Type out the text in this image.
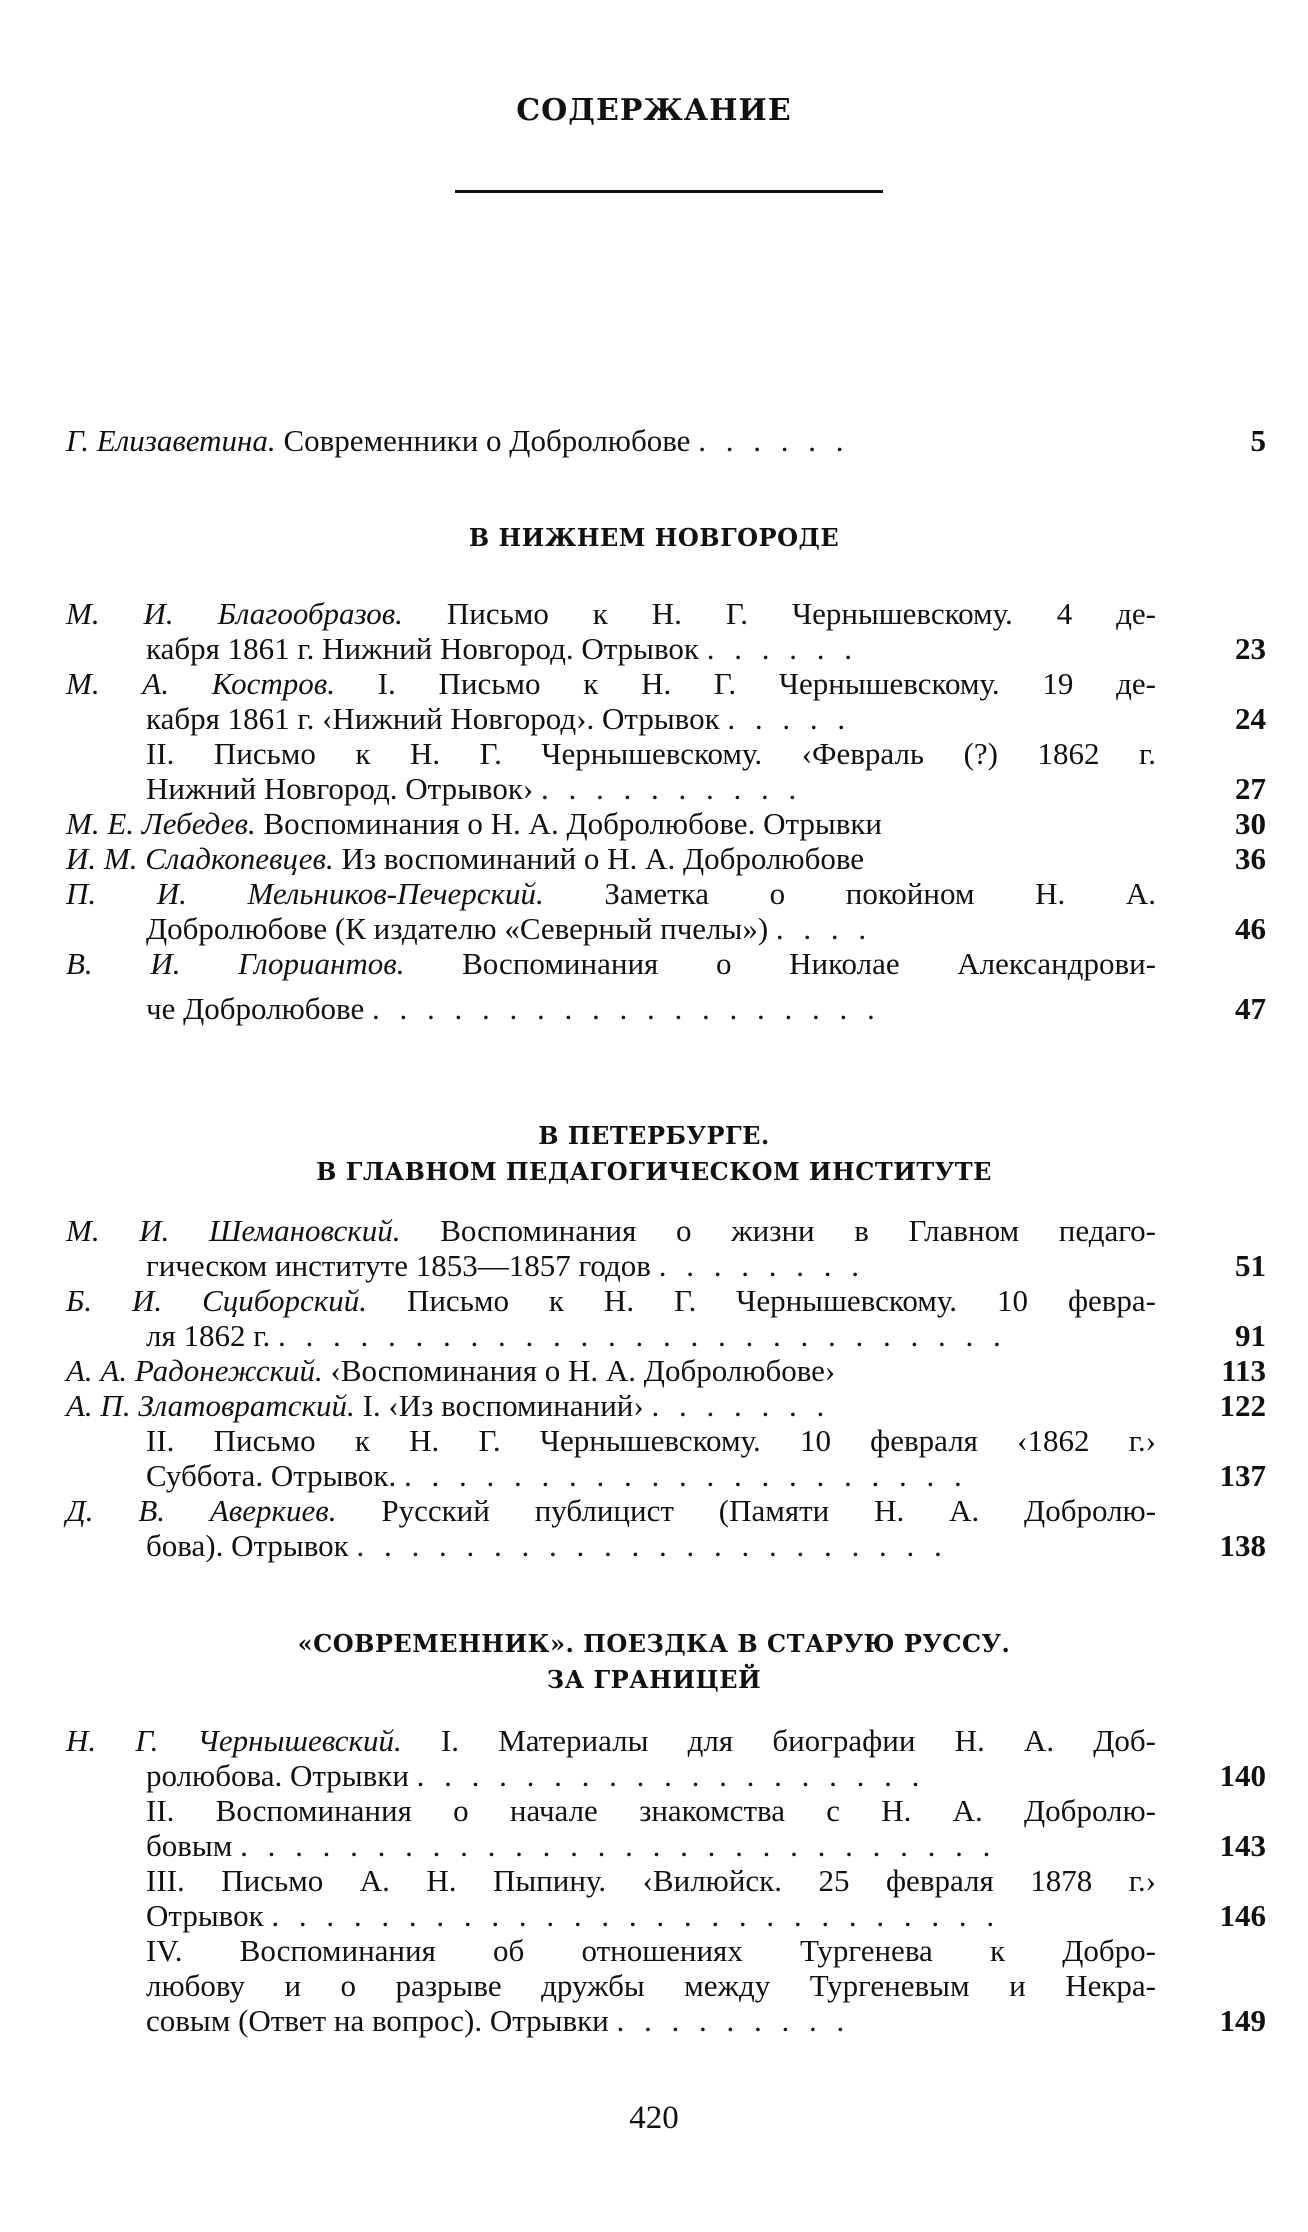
СОДЕРЖАНИЕ
Г. Елизаветина. Современники о Добролюбове . . . . . .	5
В НИЖНЕМ НОВГОРОДЕ
М. И. Благообразов. Письмо к Н. Г. Чернышевскому. 4 де-
кабря 1861 г. Нижний Новгород. Отрывок . . . . . .	23
М. А. Костров. I. Письмо к Н. Г. Чернышевскому. 19 де-
кабря 1861 г. ‹Нижний Новгород›. Отрывок . . . . .	24
II. Письмо к Н. Г. Чернышевскому. ‹Февраль (?) 1862 г.
Нижний Новгород. Отрывок› . . . . . . . . . .	27
М. Е. Лебедев. Воспоминания о Н. А. Добролюбове. Отрывки	30
И. М. Сладкопевцев. Из воспоминаний о Н. А. Добролюбове	36
П. И. Мельников-Печерский. Заметка о покойном Н. А.
Добролюбове (К издателю «Северный пчелы») . . . .	46
В. И. Глориантов. Воспоминания о Николае Александрови-
че Добролюбове . . . . . . . . . . . . . . . . . . .	47
В ПЕТЕРБУРГЕ.
В ГЛАВНОМ ПЕДАГОГИЧЕСКОМ ИНСТИТУТЕ
М. И. Шемановский. Воспоминания о жизни в Главном педаго-
гическом институте 1853—1857 годов . . . . . . . .	51
Б. И. Сциборский. Письмо к Н. Г. Чернышевскому. 10 февра-
ля 1862 г. . . . . . . . . . . . . . . . . . . . . . . . . . . .	91
А. А. Радонежский. ‹Воспоминания о Н. А. Добролюбове›	113
А. П. Златовратский. I. ‹Из воспоминаний› . . . . . . .	122
II. Письмо к Н. Г. Чернышевскому. 10 февраля ‹1862 г.›
Суббота. Отрывок. . . . . . . . . . . . . . . . . . . . . .	137
Д. В. Аверкиев. Русский публицист (Памяти Н. А. Добролю-
бова). Отрывок . . . . . . . . . . . . . . . . . . . . . .	138
«СОВРЕМЕННИК». ПОЕЗДКА В СТАРУЮ РУССУ.
ЗА ГРАНИЦЕЙ
Н. Г. Чернышевский. I. Материалы для биографии Н. А. Доб-
ролюбова. Отрывки . . . . . . . . . . . . . . . . . . .	140
II. Воспоминания о начале знакомства с Н. А. Добролю-
бовым . . . . . . . . . . . . . . . . . . . . . . . . . . . .	143
III. Письмо А. Н. Пыпину. ‹Вилюйск. 25 февраля 1878 г.›
Отрывок . . . . . . . . . . . . . . . . . . . . . . . . . . .	146
IV. Воспоминания об отношениях Тургенева к Добро-
любову и о разрыве дружбы между Тургеневым и Некра-
совым (Ответ на вопрос). Отрывки . . . . . . . . .	149
420
